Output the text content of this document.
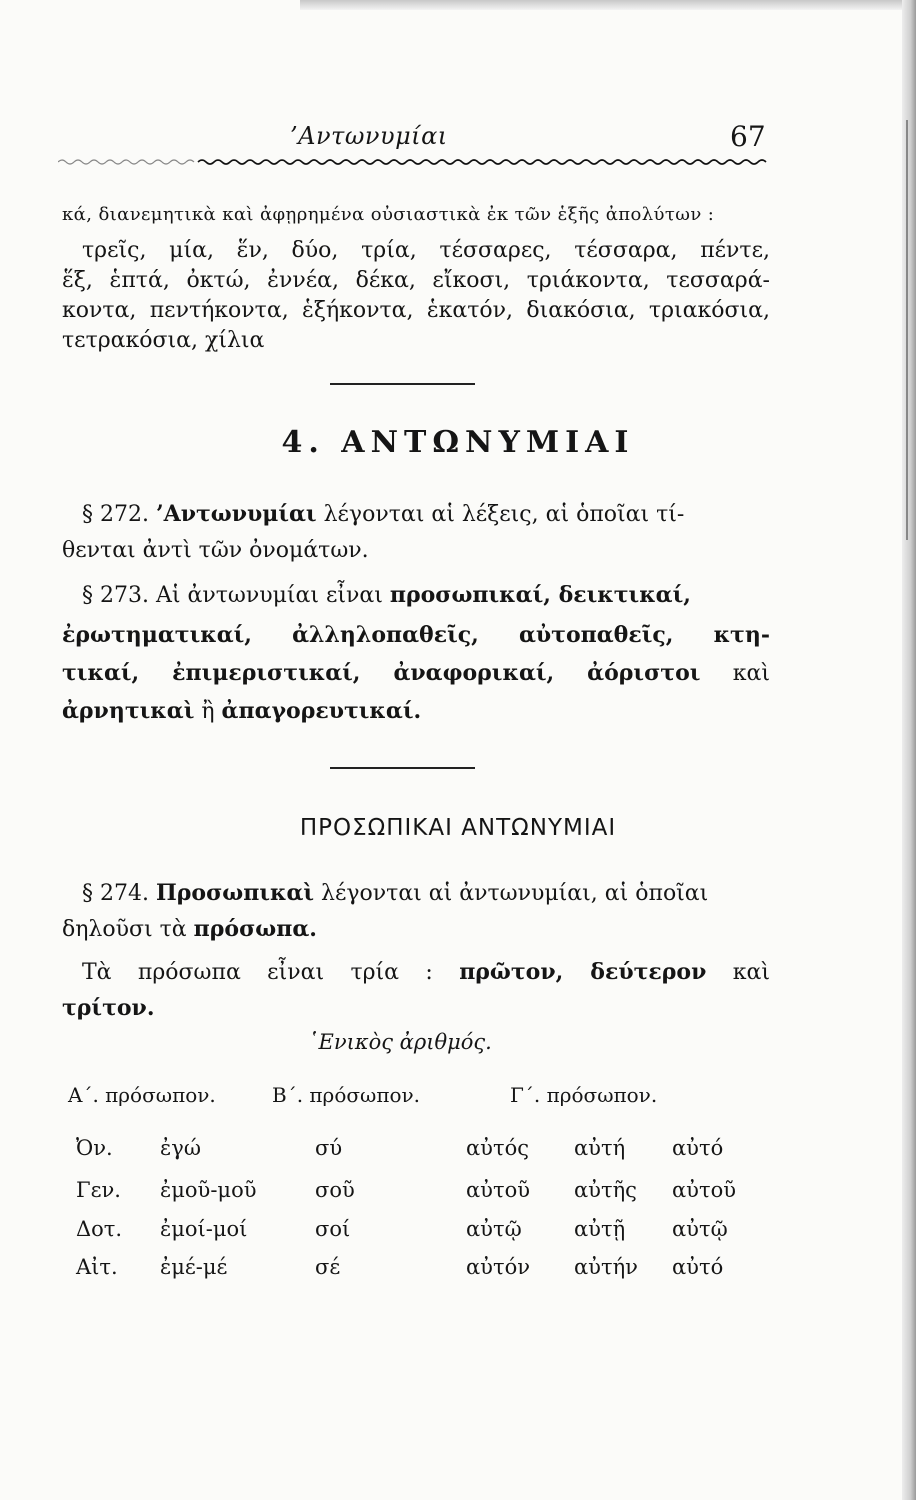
’Αντωνυμίαι	67
κά, διανεμητικὰ καὶ ἀφῃρημένα οὐσιαστικὰ ἐκ τῶν ἑξῆς ἀπολύτων :
τρεῖς, μία, ἕν, δύο, τρία, τέσσαρες, τέσσαρα, πέντε,
ἕξ, ἑπτά, ὀκτώ, ἐννέα, δέκα, εἴκοσι, τριάκοντα, τεσσαρά-
κοντα, πεντήκοντα, ἑξήκοντα, ἑκατόν, διακόσια, τριακόσια,
τετρακόσια, χίλια
4. ΑΝΤΩΝΥΜΙΑΙ
§ 272. ’Αντωνυμίαι λέγονται αἱ λέξεις, αἱ ὁποῖαι τί-
θενται ἀντὶ τῶν ὀνομάτων.
§ 273. Αἱ ἀντωνυμίαι εἶναι προσωπικαί, δεικτικαί,
ἐρωτηματικαί, ἀλληλοπαθεῖς, αὐτοπαθεῖς, κτη-
τικαί, ἐπιμεριστικαί, ἀναφορικαί, ἀόριστοι καὶ
ἀρνητικαὶ ἢ ἀπαγορευτικαί.
ΠΡΟΣΩΠΙΚΑΙ ΑΝΤΩΝΥΜΙΑΙ
§ 274. Προσωπικαὶ λέγονται αἱ ἀντωνυμίαι, αἱ ὁποῖαι
δηλοῦσι τὰ πρόσωπα.
Τὰ πρόσωπα εἶναι τρία : πρῶτον, δεύτερον καὶ
τρίτον.
῾Ενικὸς ἀριθμός.
Α΄. πρόσωπον.	Β΄. πρόσωπον.	Γ΄. πρόσωπον.
Ὀν. ἐγώ	σύ	αὐτός αὐτή αὐτό
Γεν. ἐμοῦ-μοῦ	σοῦ	αὐτοῦ αὐτῆς αὐτοῦ
Δοτ. ἐμοί-μοί	σοί	αὐτῷ αὐτῇ αὐτῷ
Αἰτ. ἐμέ-μέ	σέ	αὐτόν αὐτήν αὐτό
